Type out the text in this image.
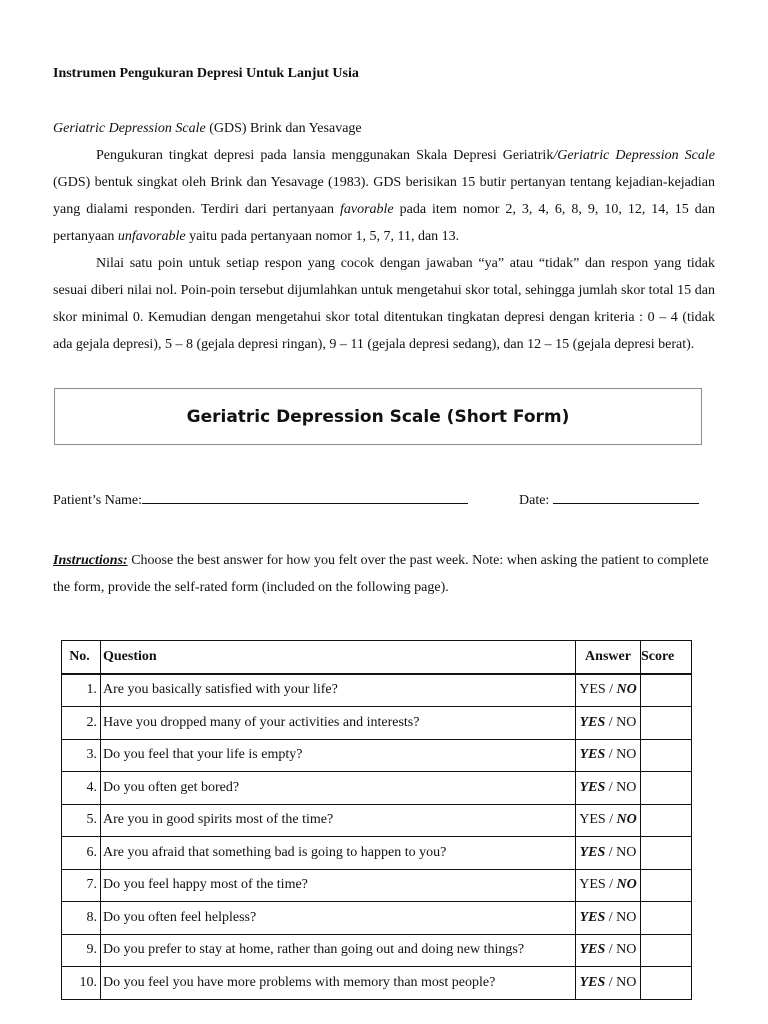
Instrumen Pengukuran Depresi Untuk Lanjut Usia
Geriatric Depression Scale (GDS) Brink dan Yesavage
Pengukuran tingkat depresi pada lansia menggunakan Skala Depresi Geriatrik/Geriatric Depression Scale (GDS) bentuk singkat oleh Brink dan Yesavage (1983). GDS berisikan 15 butir pertanyan tentang kejadian-kejadian yang dialami responden. Terdiri dari pertanyaan favorable pada item nomor 2, 3, 4, 6, 8, 9, 10, 12, 14, 15 dan pertanyaan unfavorable yaitu pada pertanyaan nomor 1, 5, 7, 11, dan 13.
Nilai satu poin untuk setiap respon yang cocok dengan jawaban “ya” atau “tidak” dan respon yang tidak sesuai diberi nilai nol. Poin-poin tersebut dijumlahkan untuk mengetahui skor total, sehingga jumlah skor total 15 dan skor minimal 0. Kemudian dengan mengetahui skor total ditentukan tingkatan depresi dengan kriteria : 0 – 4 (tidak ada gejala depresi), 5 – 8 (gejala depresi ringan), 9 – 11 (gejala depresi sedang), dan 12 – 15 (gejala depresi berat).
Geriatric Depression Scale (Short Form)
Patient’s Name:	Date:
Instructions: Choose the best answer for how you felt over the past week. Note: when asking the patient to complete the form, provide the self-rated form (included on the following page).
No.	Question	Answer	Score
1.	Are you basically satisfied with your life?	YES / NO	
2.	Have you dropped many of your activities and interests?	YES / NO	
3.	Do you feel that your life is empty?	YES / NO	
4.	Do you often get bored?	YES / NO	
5.	Are you in good spirits most of the time?	YES / NO	
6.	Are you afraid that something bad is going to happen to you?	YES / NO	
7.	Do you feel happy most of the time?	YES / NO	
8.	Do you often feel helpless?	YES / NO	
9.	Do you prefer to stay at home, rather than going out and doing new things?	YES / NO	
10.	Do you feel you have more problems with memory than most people?	YES / NO	
